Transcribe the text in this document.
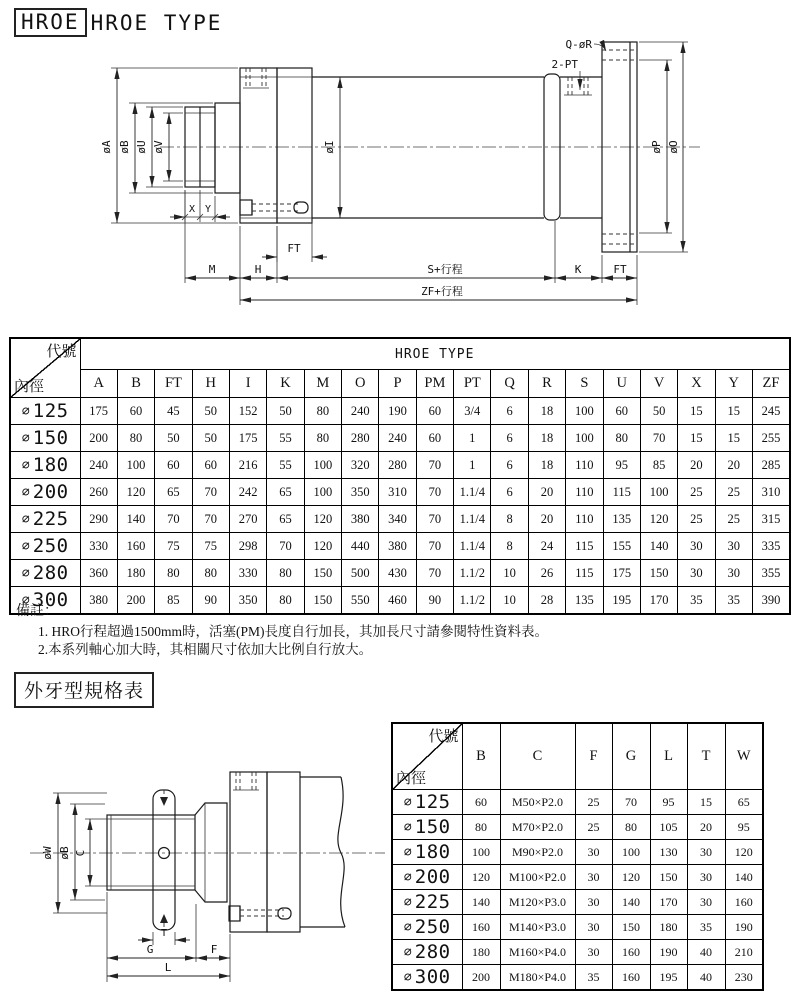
HROE HROE TYPE
øA øB øU øV	øI	øP øO
Q-øR
2-PT
X Y
FT
M	H	S+行程	K	FT
ZF+行程
代號
內徑	HROE TYPE																		
	A	B	FT	H	I	K	M	O	P	PM	PT	Q	R	S	U	V	X	Y	ZF
∅ 125	175	60	45	50	152	50	80	240	190	60	3/4	6	18	100	60	50	15	15	245
∅ 150	200	80	50	50	175	55	80	280	240	60	1	6	18	100	80	70	15	15	255
∅ 180	240	100	60	60	216	55	100	320	280	70	1	6	18	110	95	85	20	20	285
∅ 200	260	120	65	70	242	65	100	350	310	70	1.1/4	6	20	110	115	100	25	25	310
∅ 225	290	140	70	70	270	65	120	380	340	70	1.1/4	8	20	110	135	120	25	25	315
∅ 250	330	160	75	75	298	70	120	440	380	70	1.1/4	8	24	115	155	140	30	30	335
∅ 280	360	180	80	80	330	80	150	500	430	70	1.1/2	10	26	115	175	150	30	30	355
∅ 300	380	200	85	90	350	80	150	550	460	90	1.1/2	10	28	135	195	170	35	35	390
備註：
1. HRO行程超過1500mm時，活塞(PM)長度自行加長，其加長尺寸請參閱特性資料表。
2.本系列軸心加大時，其相關尺寸依加大比例自行放大。
外牙型規格表
øW øB C
T
G	F
L
代號
內徑	B	C	F	G	L	T	W
∅ 125	60	M50×P2.0	25	70	95	15	65
∅ 150	80	M70×P2.0	25	80	105	20	95
∅ 180	100	M90×P2.0	30	100	130	30	120
∅ 200	120	M100×P2.0	30	120	150	30	140
∅ 225	140	M120×P3.0	30	140	170	30	160
∅ 250	160	M140×P3.0	30	150	180	35	190
∅ 280	180	M160×P4.0	30	160	190	40	210
∅ 300	200	M180×P4.0	35	160	195	40	230
